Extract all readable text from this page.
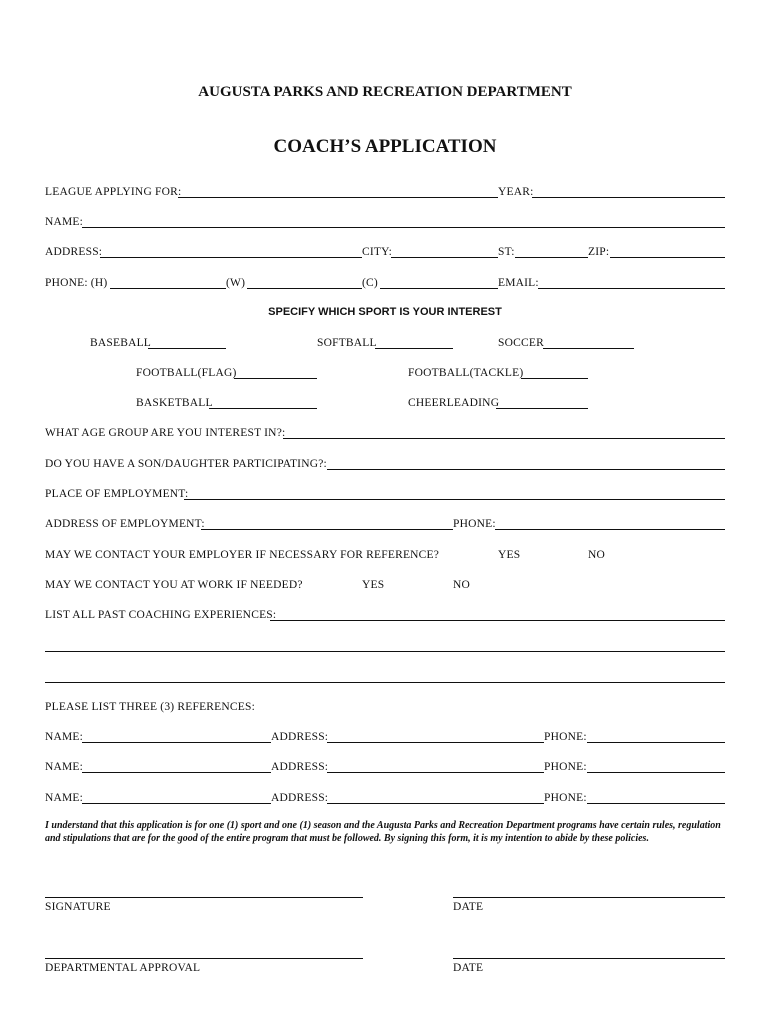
AUGUSTA PARKS AND RECREATION DEPARTMENT
COACH’S APPLICATION
LEAGUE APPLYING FOR:	YEAR:
NAME:
ADDRESS:	CITY:	ST:	ZIP:
PHONE: (H)	(W)	(C)	EMAIL:
SPECIFY WHICH SPORT IS YOUR INTEREST
BASEBALL	SOFTBALL	SOCCER
FOOTBALL(FLAG)	FOOTBALL(TACKLE)
BASKETBALL	CHEERLEADING
WHAT AGE GROUP ARE YOU INTEREST IN?:
DO YOU HAVE A SON/DAUGHTER PARTICIPATING?:
PLACE OF EMPLOYMENT:
ADDRESS OF EMPLOYMENT:	PHONE:
MAY WE CONTACT YOUR EMPLOYER IF NECESSARY FOR REFERENCE?	YES	NO
MAY WE CONTACT YOU AT WORK IF NEEDED?	YES	NO
LIST ALL PAST COACHING EXPERIENCES:
PLEASE LIST THREE (3) REFERENCES:
NAME:	ADDRESS:	PHONE:
NAME:	ADDRESS:	PHONE:
NAME:	ADDRESS:	PHONE:
I understand that this application is for one (1) sport and one (1) season and the Augusta Parks and Recreation Department programs have certain rules, regulation and stipulations that are for the good of the entire program that must be followed. By signing this form, it is my intention to abide by these policies.
SIGNATURE	DATE
DEPARTMENTAL APPROVAL	DATE
